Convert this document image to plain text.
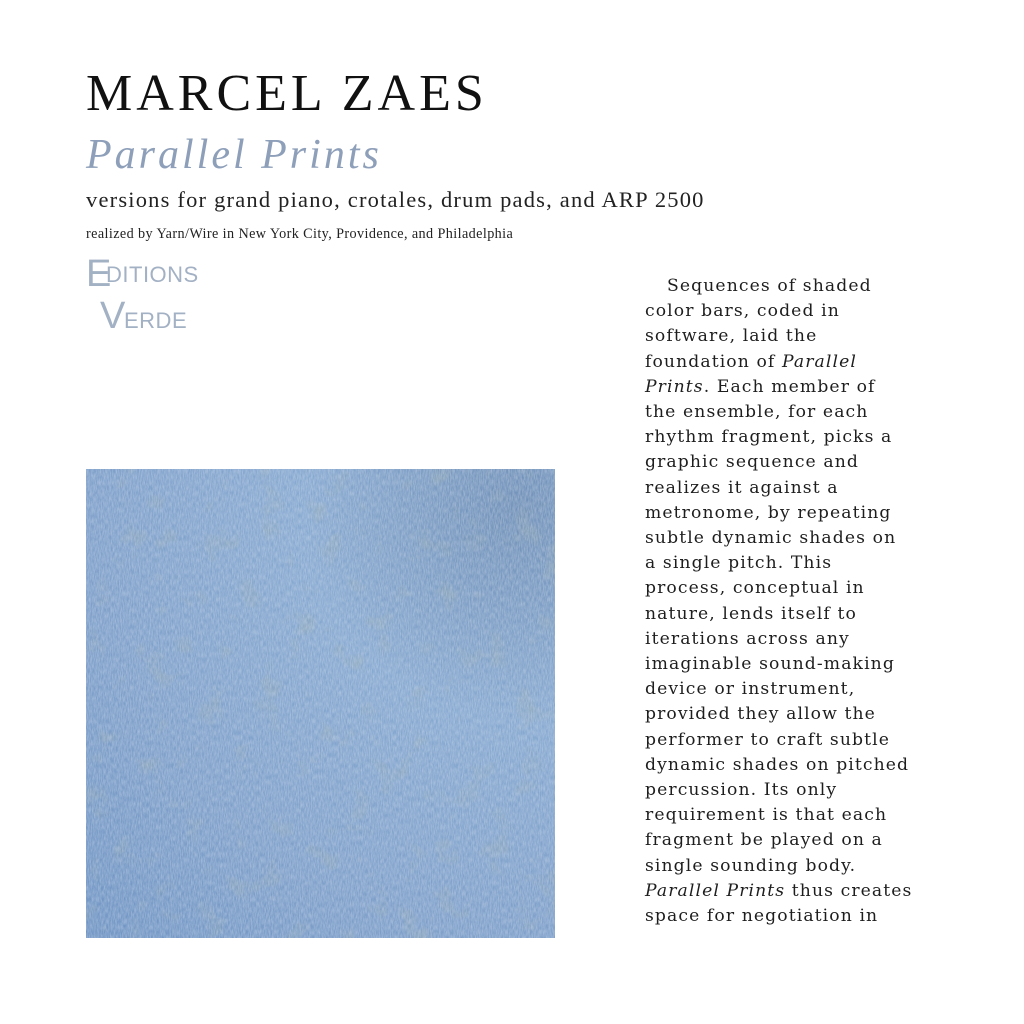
MARCEL ZAES
Parallel Prints

versions for grand piano, crotales, drum pads, and ARP 2500

realized by Yarn/Wire in New York City, Providence, and Philadelphia

E
DITIONS
V
ERDE
Sequences of shaded
color bars, coded in
software, laid the
foundation of Parallel
Prints. Each member of
the ensemble, for each
rhythm fragment, picks a
graphic sequence and
realizes it against a
metronome, by repeating
subtle dynamic shades on
a single pitch. This
process, conceptual in
nature, lends itself to
iterations across any
imaginable sound-making
device or instrument,
provided they allow the
performer to craft subtle
dynamic shades on pitched
percussion. Its only
requirement is that each
fragment be played on a
single sounding body.
Parallel Prints thus creates
space for negotiation in
